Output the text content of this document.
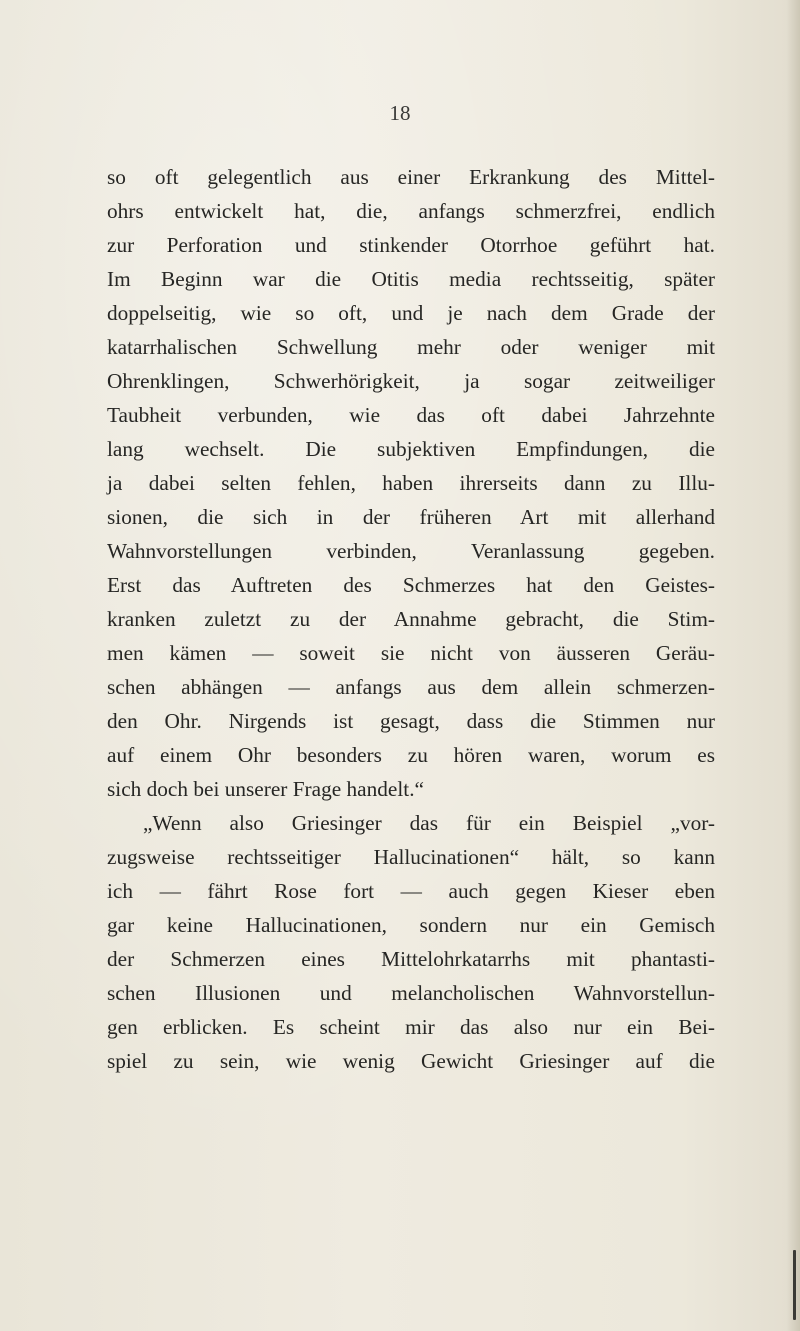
18

so oft gelegentlich aus einer Erkrankung des Mittel-
ohrs entwickelt hat, die, anfangs schmerzfrei, endlich
zur Perforation und stinkender Otorrhoe geführt hat.
Im Beginn war die Otitis media rechtsseitig, später
doppelseitig, wie so oft, und je nach dem Grade der
katarrhalischen Schwellung mehr oder weniger mit
Ohrenklingen, Schwerhörigkeit, ja sogar zeitweiliger
Taubheit verbunden, wie das oft dabei Jahrzehnte
lang wechselt. Die subjektiven Empfindungen, die
ja dabei selten fehlen, haben ihrerseits dann zu Illu-
sionen, die sich in der früheren Art mit allerhand
Wahnvorstellungen verbinden, Veranlassung gegeben.
Erst das Auftreten des Schmerzes hat den Geistes-
kranken zuletzt zu der Annahme gebracht, die Stim-
men kämen — soweit sie nicht von äusseren Geräu-
schen abhängen — anfangs aus dem allein schmerzen-
den Ohr. Nirgends ist gesagt, dass die Stimmen nur
auf einem Ohr besonders zu hören waren, worum es
sich doch bei unserer Frage handelt.“
„Wenn also Griesinger das für ein Beispiel „vor-
zugsweise rechtsseitiger Hallucinationen“ hält, so kann
ich — fährt Rose fort — auch gegen Kieser eben
gar keine Hallucinationen, sondern nur ein Gemisch
der Schmerzen eines Mittelohrkatarrhs mit phantasti-
schen Illusionen und melancholischen Wahnvorstellun-
gen erblicken. Es scheint mir das also nur ein Bei-
spiel zu sein, wie wenig Gewicht Griesinger auf die
